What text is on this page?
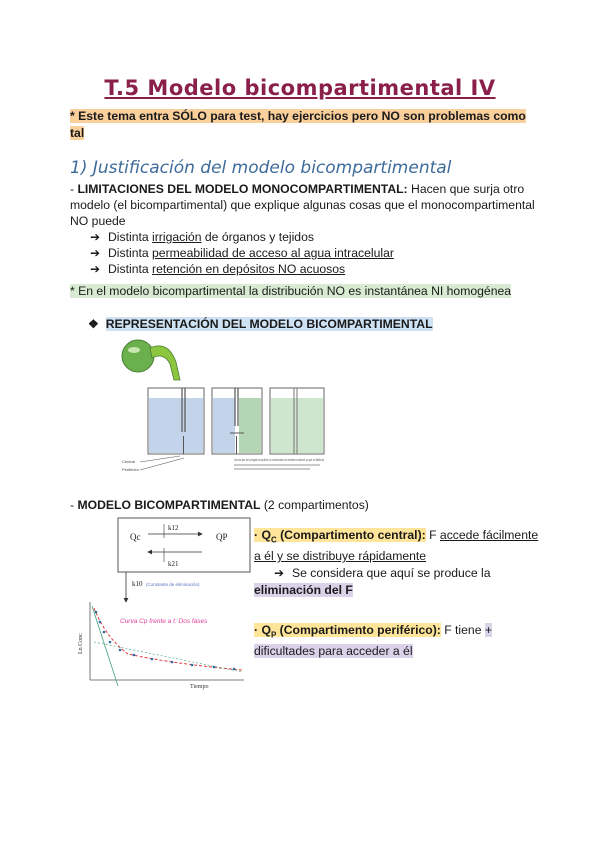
T.5 Modelo bicompartimental IV
* Este tema entra SÓLO para test, hay ejercicios pero NO son problemas como tal
1) Justificación del modelo bicompartimental
- LIMITACIONES DEL MODELO MONOCOMPARTIMENTAL: Hacen que surja otro modelo (el bicompartimental) que explique algunas cosas que el monocompartimental NO puede
➔ Distinta irrigación de órganos y tejidos
➔ Distinta permeabilidad de acceso al agua intracelular
➔ Distinta retención en depósitos NO acuosos
* En el modelo bicompartimental la distribución NO es instantánea NI homogénea
❖ REPRESENTACIÓN DEL MODELO BICOMPARTIMENTAL
Central
Periférico
Una vez que se ha llegado al equilibrio, la concentración se mantiene constante, ya que se distribuye
- MODELO BICOMPARTIMENTAL (2 compartimentos)
Qc	QP
k12
k21
k10 (Constante de eliminación)
Ln Conc
Tiempo
Curva Cp frente a t: Dos fases
· $Q_C$ (Compartimento central): F accede fácilmente a él y se distribuye rápidamente
➔ Se considera que aquí se produce la
eliminación del F
· $Q_P$ (Compartimento periférico): F tiene + dificultades para acceder a él
